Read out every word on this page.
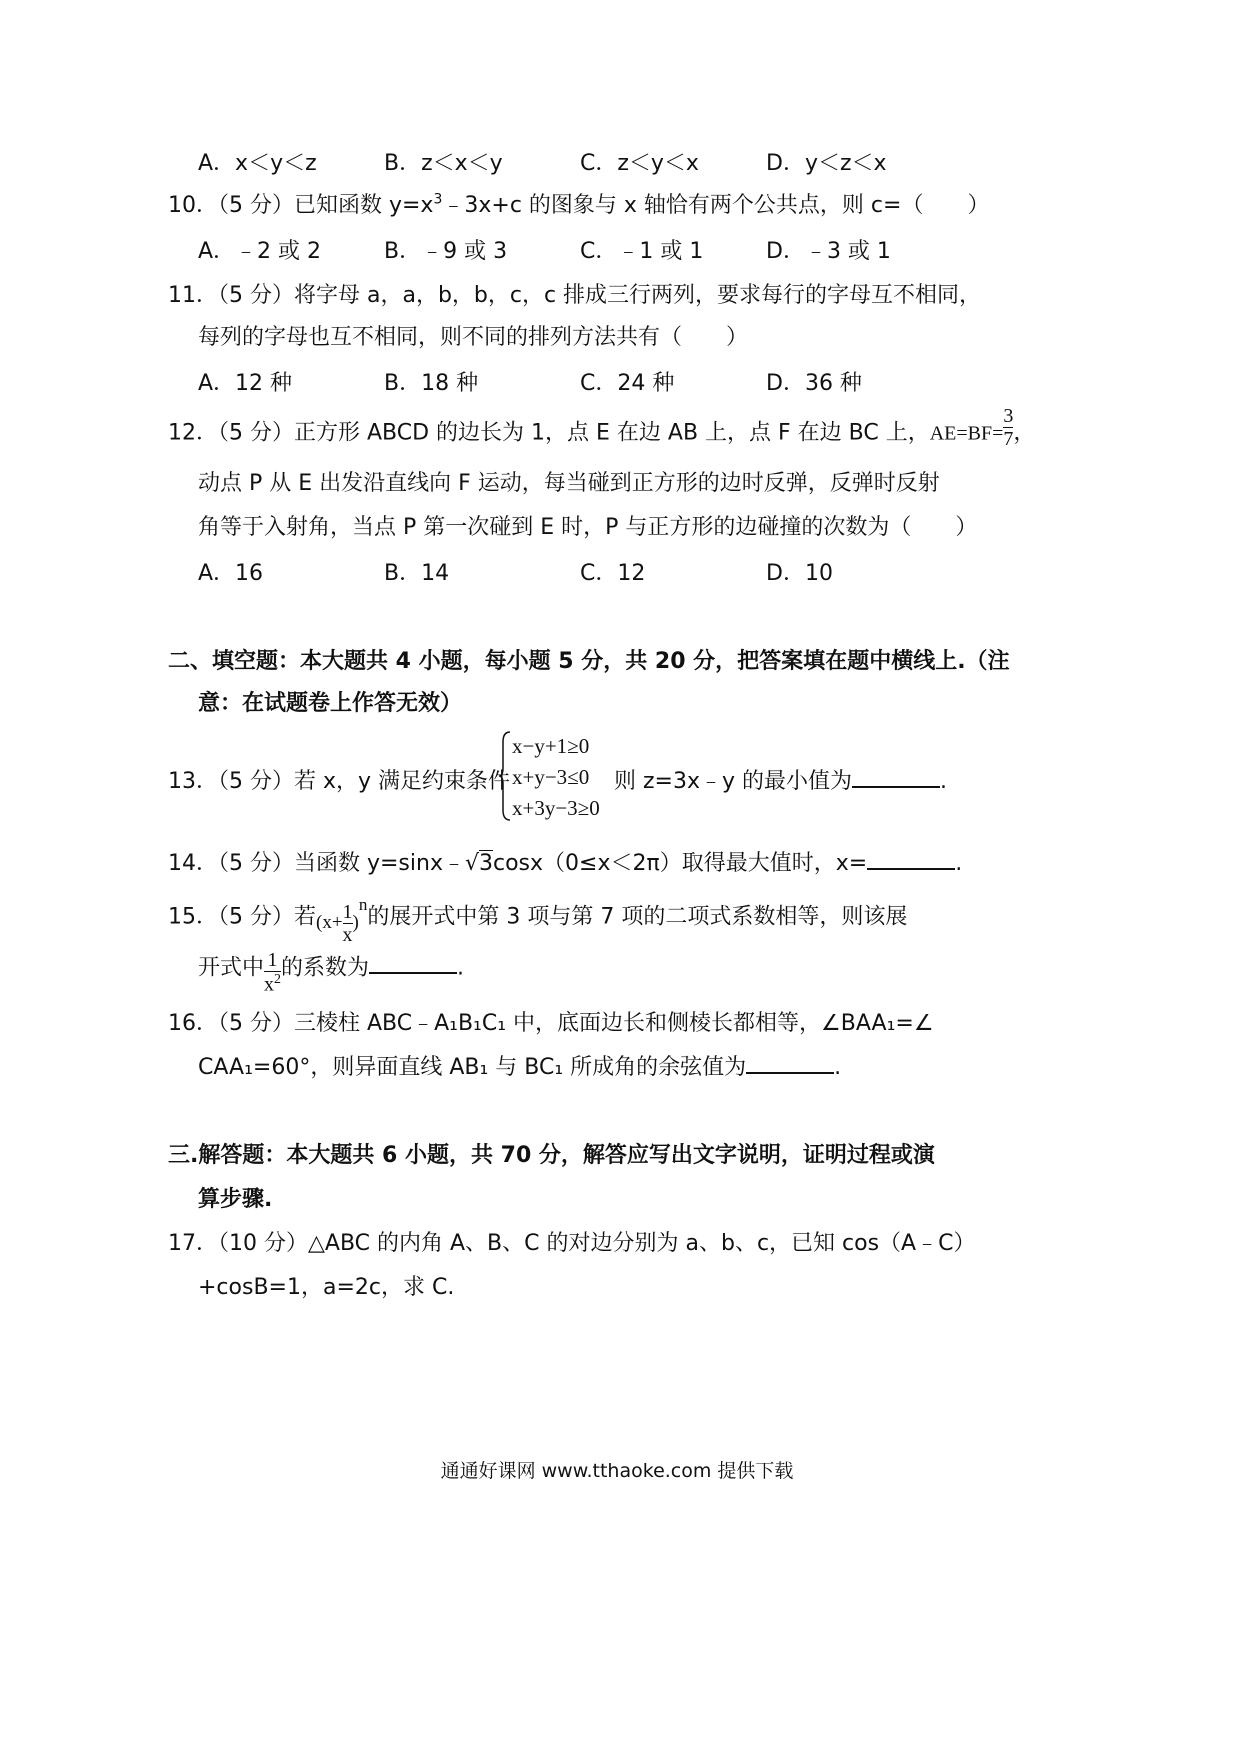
A．x＜y＜z	B．z＜x＜y	C．z＜y＜x	D．y＜z＜x
10．（5 分）已知函数 $y=x^3﹣3x+c$ 的图象与 x 轴恰有两个公共点，则 c=（　　）
A．﹣2 或 2	B．﹣9 或 3	C．﹣1 或 1	D．﹣3 或 1
11．（5 分）将字母 a，a，b，b，c，c 排成三行两列，要求每行的字母互不相同，
每列的字母也互不相同，则不同的排列方法共有（　　）
A．12 种	B．18 种	C．24 种	D．36 种
12．（5 分）正方形 ABCD 的边长为 1，点 E 在边 AB 上，点 F 在边 BC 上，$AE=BF= \frac{3}{7}$ ，
动点 P 从 E 出发沿直线向 F 运动，每当碰到正方形的边时反弹，反弹时反射
角等于入射角，当点 P 第一次碰到 E 时，P 与正方形的边碰撞的次数为（　　）
A．16	B．14	C．12	D．10
二、填空题：本大题共 4 小题，每小题 5 分，共 20 分，把答案填在题中横线上.（注
意：在试题卷上作答无效）
13．（5 分）若 x，y 满足约束条件
x−y+1≥0
x+y−3≤0
x+3y−3≥0
则 z=3x﹣y 的最小值为	.
14．（5 分）当函数 y=sinx﹣√3cosx（0≤x＜2π）取得最大值时，x=	.
15．（5 分）若$(x+ \frac{1}{x} )^n$的展开式中第 3 项与第 7 项的二项式系数相等，则该展
开式中 $\frac{1}{x^2}$ 的系数为	.
16．（5 分）三棱柱 ABC﹣A₁B₁C₁ 中，底面边长和侧棱长都相等，∠BAA₁=∠
CAA₁=60°，则异面直线 AB₁ 与 BC₁ 所成角的余弦值为	.
三.解答题：本大题共 6 小题，共 70 分，解答应写出文字说明，证明过程或演
算步骤.
17．（10 分）△ABC 的内角 A、B、C 的对边分别为 a、b、c，已知 cos（A﹣C）
+cosB=1，a=2c，求 C.
通通好课网 www.tthaoke.com 提供下载
